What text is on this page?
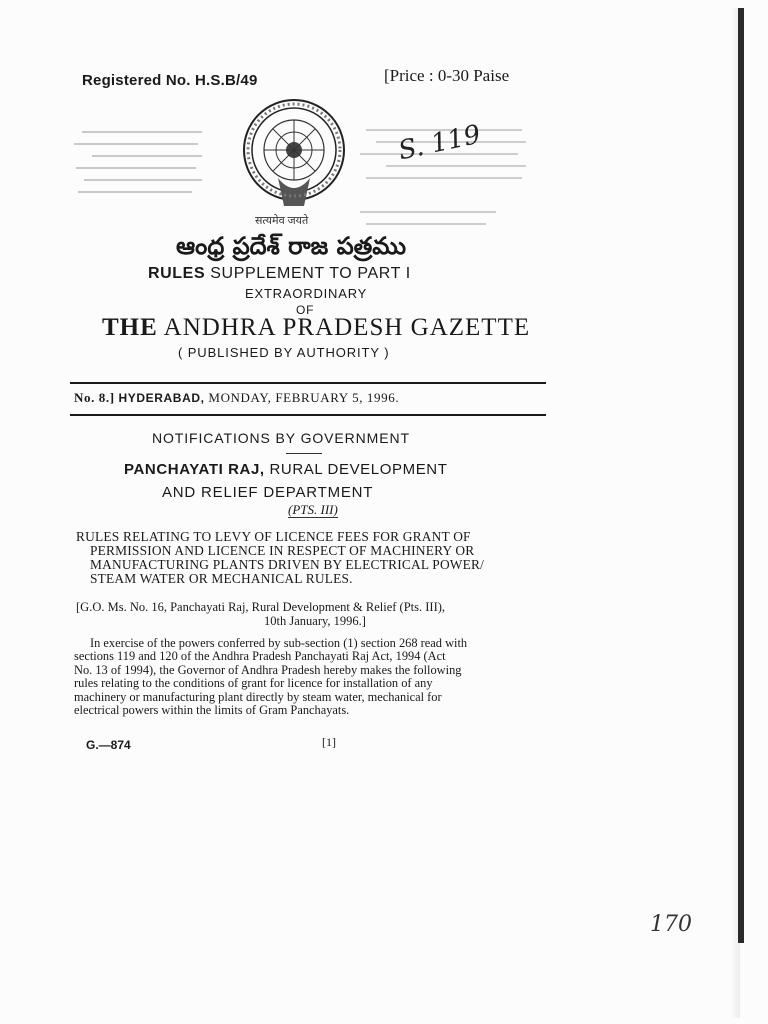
Registered No. H.S.B/49	[Price : 0-30 Paise
सत्यमेव जयते
S. 119
ఆంధ్ర ప్రదేశ్ రాజ పత్రము
RULES SUPPLEMENT TO PART I
EXTRAORDINARY
OF
THE ANDHRA PRADESH GAZETTE
( PUBLISHED BY AUTHORITY )
No. 8.] HYDERABAD, MONDAY, FEBRUARY 5, 1996.
NOTIFICATIONS BY GOVERNMENT
PANCHAYATI RAJ, RURAL DEVELOPMENT
AND RELIEF DEPARTMENT
(PTS. III)
RULES RELATING TO LEVY OF LICENCE FEES FOR GRANT OF
PERMISSION AND LICENCE IN RESPECT OF MACHINERY OR
MANUFACTURING PLANTS DRIVEN BY ELECTRICAL POWER/
STEAM WATER OR MECHANICAL RULES.
[G.O. Ms. No. 16, Panchayati Raj, Rural Development & Relief (Pts. III),
10th January, 1996.]
In exercise of the powers conferred by sub-section (1) section 268 read with
sections 119 and 120 of the Andhra Pradesh Panchayati Raj Act, 1994 (Act
No. 13 of 1994), the Governor of Andhra Pradesh hereby makes the following
rules relating to the conditions of grant for licence for installation of any
machinery or manufacturing plant directly by steam water, mechanical for
electrical powers within the limits of Gram Panchayats.
G.—874	[1]
170
